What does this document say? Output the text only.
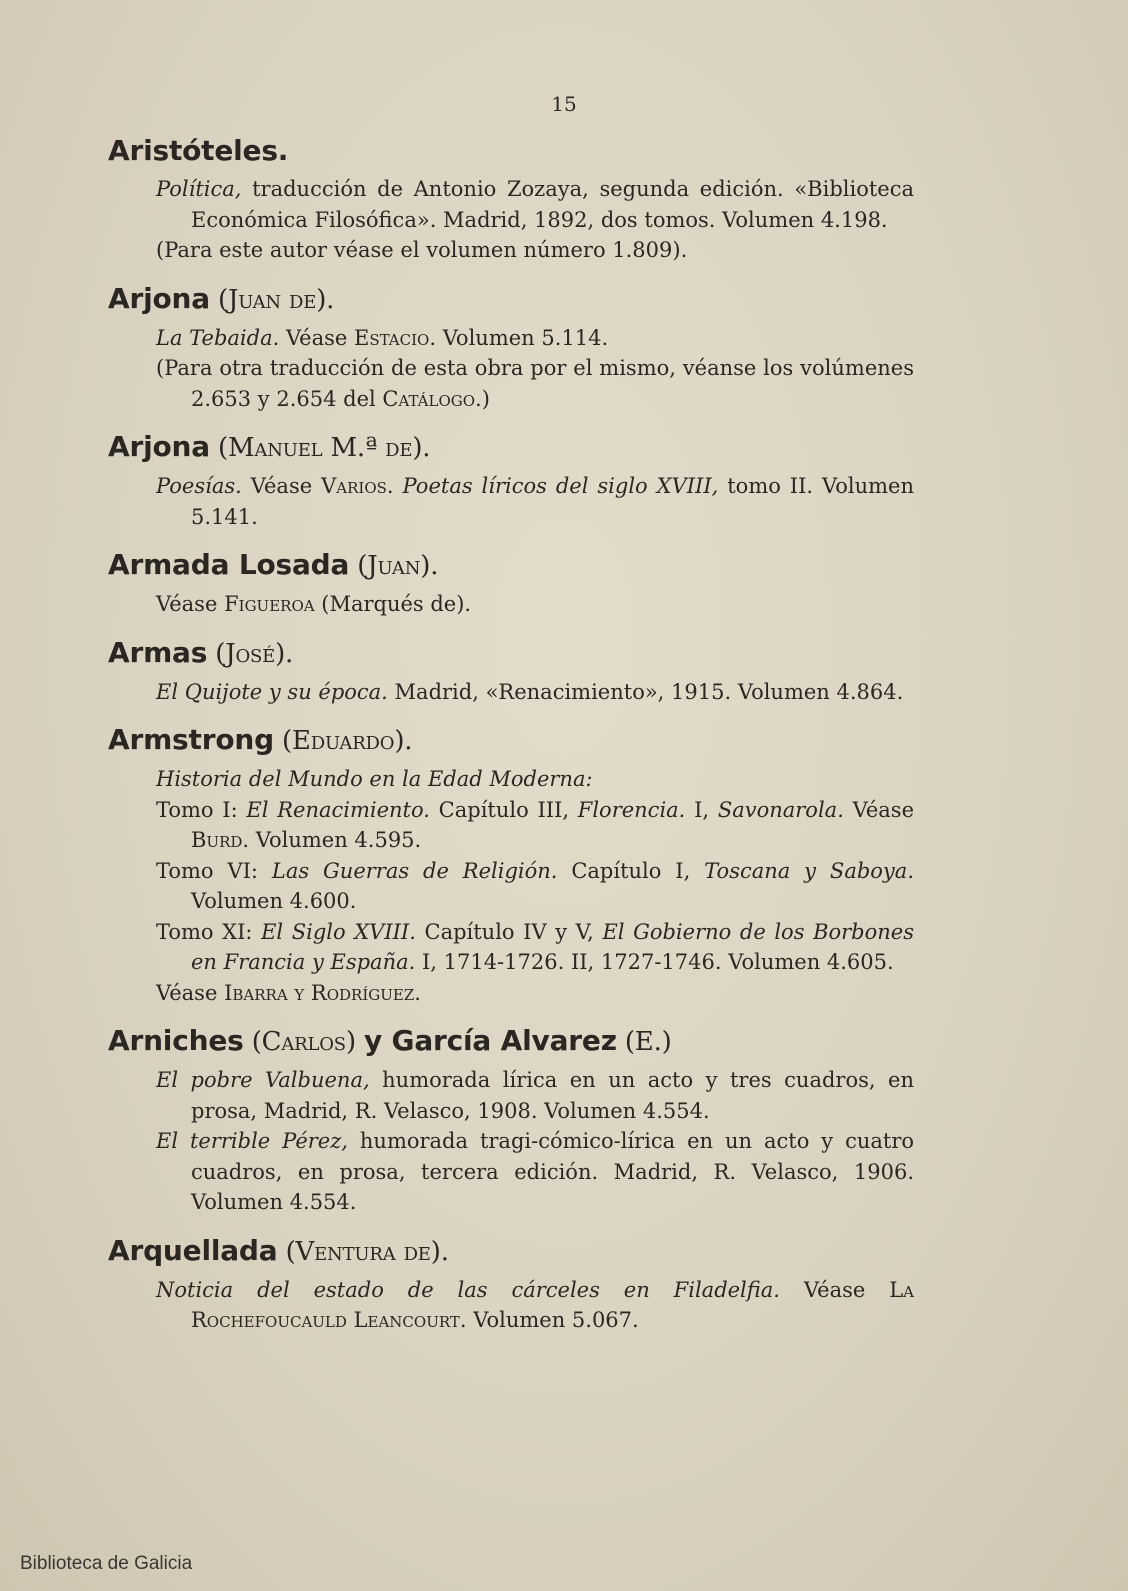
15
Aristóteles.

Política, traducción de Antonio Zozaya, segunda edición. «Biblioteca Económica Filosófica». Madrid, 1892, dos tomos. Volumen 4.198.

(Para este autor véase el volumen número 1.809).

Arjona (Juan de).

La Tebaida. Véase Estacio. Volumen 5.114.

(Para otra traducción de esta obra por el mismo, véanse los volúmenes 2.653 y 2.654 del Catálogo.)

Arjona (Manuel M.ª de).

Poesías. Véase Varios. Poetas líricos del siglo XVIII, tomo II. Volumen 5.141.

Armada Losada (Juan).

Véase Figueroa (Marqués de).

Armas (José).

El Quijote y su época. Madrid, «Renacimiento», 1915. Volumen 4.864.

Armstrong (Eduardo).

Historia del Mundo en la Edad Moderna:

Tomo I: El Renacimiento. Capítulo III, Florencia. I, Savonarola. Véase Burd. Volumen 4.595.

Tomo VI: Las Guerras de Religión. Capítulo I, Toscana y Saboya. Volumen 4.600.

Tomo XI: El Siglo XVIII. Capítulo IV y V, El Gobierno de los Borbones en Francia y España. I, 1714-1726. II, 1727-1746. Volumen 4.605.

Véase Ibarra y Rodríguez.

Arniches (Carlos) y García Alvarez (E.)

El pobre Valbuena, humorada lírica en un acto y tres cuadros, en prosa, Madrid, R. Velasco, 1908. Volumen 4.554.

El terrible Pérez, humorada tragi-cómico-lírica en un acto y cuatro cuadros, en prosa, tercera edición. Madrid, R. Velasco, 1906. Volumen 4.554.

Arquellada (Ventura de).

Noticia del estado de las cárceles en Filadelfia. Véase La Rochefoucauld Leancourt. Volumen 5.067.

Biblioteca de Galicia
